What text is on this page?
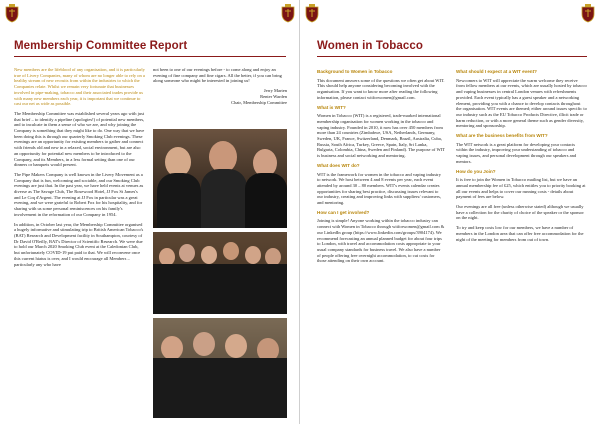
Membership Committee Report

New members are the lifeblood of any organisation, and it is particularly true of Livery Companies, many of whom are no longer able to rely on a healthy stream of new recruits from within the industries to which the Companies relate. Whilst we remain very fortunate that businesses involved in pipe-making, tobacco and their associated trades provide us with many new members each year, it is important that we continue to cast our net as wide as possible.

The Membership Committee was established several years ago with just that brief – to identify a pipeline (apologies!) of potential new members, and to inculcate in them a sense of who we are, and why joining the Company is something that they might like to do. One way that we have been doing this is through our quarterly Smoking Club evenings. These evenings are an opportunity for existing members to gather and connect with friends old and new in a relaxed, social environment, but are also an opportunity for potential new members to be introduced to the Company, and its Members, in a less formal setting than one of our dinners or banquets would present.

The Pipe Makers Company is well known in the Livery Movement as a Company that is fun, welcoming and sociable, and our Smoking Club evenings are just that. In the past year, we have held events at venues as diverse as The Savage Club, The Rosewood Hotel, JJ Fox St James's and Le Coq d'Argent. The evening at JJ Fox in particular was a great evening, and we were grateful to Robert Fox for his hospitality, and for sharing with us some personal reminiscences on his family's involvement in the reformation of our Company in 1954.

In addition, in October last year, the Membership Committee organised a hugely informative and stimulating trip to British American Tobacco's (BAT) Research and Development facility in Southampton, courtesy of Dr David O'Reilly, BAT's Director of Scientific Research. We were due to hold our March 2020 Smoking Club event at the Caledonian Club, but unfortunately COVID-19 put paid to that. We will reconvene once this current hiatus is over, and I would encourage all Members – particularly any who have

not been to one of our evenings before - to come along and enjoy an evening of fine company and fine cigars. All the better, if you can bring along someone who might be interested in joining us!

Jerry Marten
Renter Warden
Chair, Membership Committee
Women in Tobacco
Background to Women in Tobacco

This document answers some of the questions we often get about WIT. This should help anyone considering becoming involved with the organisation. If you want to know more after reading the following information, please contact witforwomen@gmail.com.

What is WIT?

Women in Tobacco (WIT) is a registered, trade-marked international membership organisation for women working in the tobacco and vaping industry. Founded in 2010, it now has over 450 members from more than 24 countries (Zimbabwe, USA, Netherlands, Germany, Sweden, UK, France, Switzerland, Denmark, Brazil, Australia, Cuba, Russia, South Africa, Turkey, Greece, Spain, Italy, Sri Lanka, Bulgaria, Colombia, China, Sweden and Finland). The purpose of WIT is business and social networking and mentoring.

What does WIT do?

WIT is the framework for women in the tobacco and vaping industry to network. We host between 4 and 8 events per year, each event attended by around 30 – 80 members. WIT's events calendar creates opportunities for sharing best practice, discussing issues relevant to our industry, creating and improving links with suppliers/ customers, and mentoring.

How can I get involved?

Joining is simple! Anyone working within the tobacco industry can connect with Women in Tobacco through witforwomen@gmail.com & our LinkedIn group (https://www.linkedin.com/groups/3904174). We recommend forecasting an annual planned budget for about four trips to London, with travel and accommodation costs appropriate to your usual company standards for business travel. We also have a number of people offering free overnight accommodation, to cut costs for those attending on their own account.

What should I expect at a WIT event?

Newcomers to WIT will appreciate the warm welcome they receive from fellow members at our events, which are usually hosted by tobacco and vaping businesses in central London venues with refreshments provided. Each event typically has a guest speaker and a networking element, providing you with a chance to develop contacts throughout the organisation. WIT events are themed; either around issues specific to our industry such as the EU Tobacco Products Directive, illicit trade or harm reduction, or with a more general theme such as gender diversity, mentoring and sponsorship.

What are the business benefits from WIT?

The WIT network is a great platform for developing your contacts within the industry, improving your understanding of tobacco and vaping issues, and personal development through our speakers and mentors.

How do you Join?

It is free to join the Women in Tobacco mailing list, but we have an annual membership fee of £25, which entitles you to priority booking at all our events and helps to cover our running costs - details about payment of fees are below.

Our evenings are all free (unless otherwise stated) although we usually have a collection for the charity of choice of the speaker or the sponsor on the night.

To try and keep costs low for our members, we have a number of members in the London area that can offer free accommodation for the night of the meeting for members from out of town.
